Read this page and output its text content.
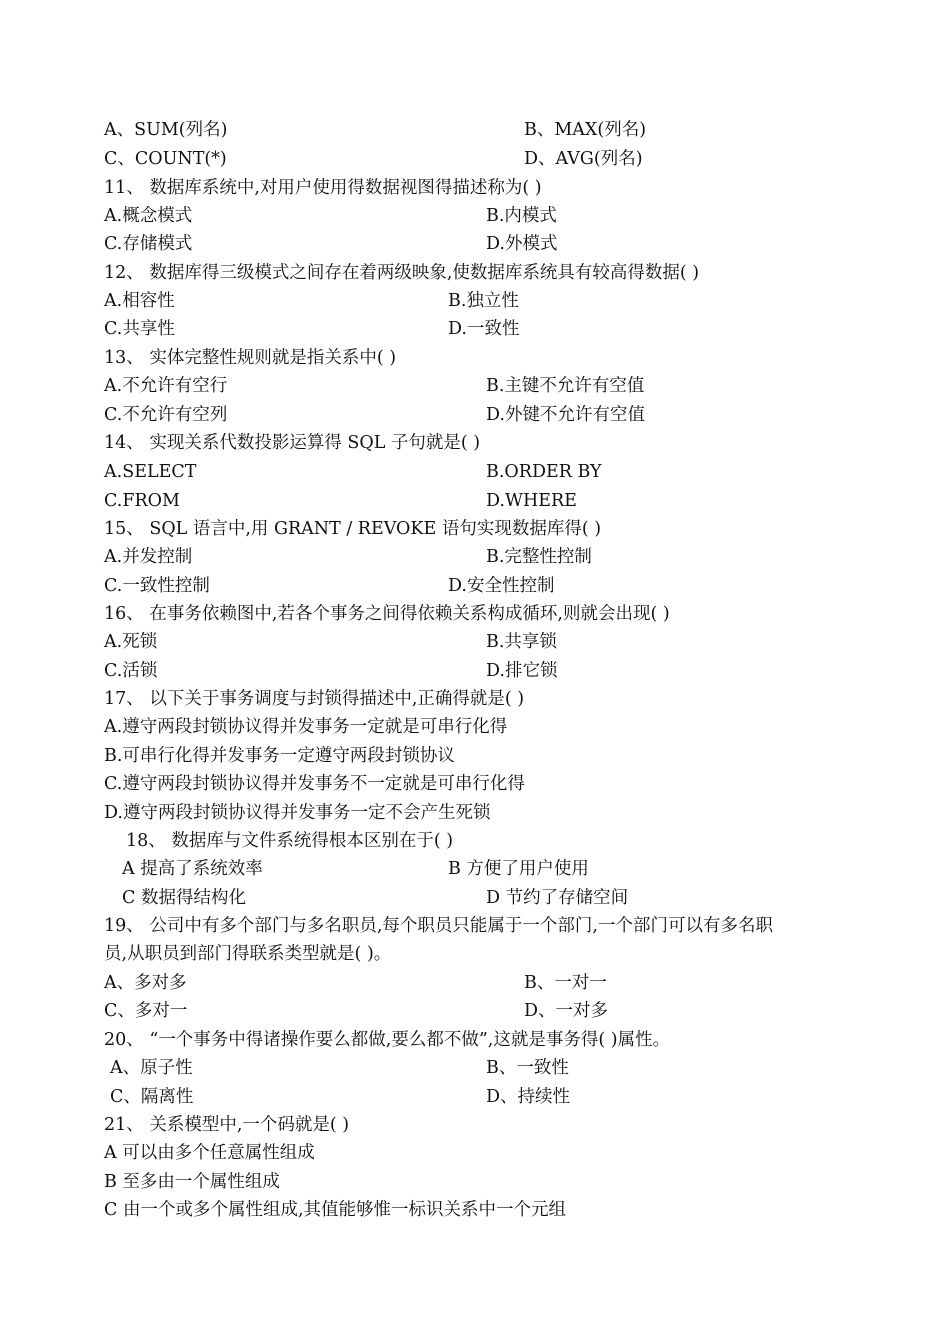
A、SUM(列名)	B、MAX(列名)
C、COUNT(*)	D、AVG(列名)
11、 数据库系统中,对用户使用得数据视图得描述称为( )
A.概念模式	B.内模式
C.存储模式	D.外模式
12、 数据库得三级模式之间存在着两级映象,使数据库系统具有较高得数据( )
A.相容性	B.独立性
C.共享性	D.一致性
13、 实体完整性规则就是指关系中( )
A.不允许有空行	B.主键不允许有空值
C.不允许有空列	D.外键不允许有空值
14、 实现关系代数投影运算得 SQL 子句就是( )
A.SELECT	B.ORDER BY
C.FROM	D.WHERE
15、 SQL 语言中,用 GRANT / REVOKE 语句实现数据库得( )
A.并发控制	B.完整性控制
C.一致性控制	D.安全性控制
16、 在事务依赖图中,若各个事务之间得依赖关系构成循环,则就会出现( )
A.死锁	B.共享锁
C.活锁	D.排它锁
17、 以下关于事务调度与封锁得描述中,正确得就是( )
A.遵守两段封锁协议得并发事务一定就是可串行化得
B.可串行化得并发事务一定遵守两段封锁协议
C.遵守两段封锁协议得并发事务不一定就是可串行化得
D.遵守两段封锁协议得并发事务一定不会产生死锁
18、 数据库与文件系统得根本区别在于( )
A 提高了系统效率	B 方便了用户使用
C 数据得结构化	D 节约了存储空间
19、 公司中有多个部门与多名职员,每个职员只能属于一个部门,一个部门可以有多名职
员,从职员到部门得联系类型就是( )。
A、多对多	B、一对一
C、多对一	D、一对多
20、 “一个事务中得诸操作要么都做,要么都不做”,这就是事务得( )属性。
A、原子性	B、一致性
C、隔离性	D、持续性
21、 关系模型中,一个码就是( )
A 可以由多个任意属性组成
B 至多由一个属性组成
C 由一个或多个属性组成,其值能够惟一标识关系中一个元组
